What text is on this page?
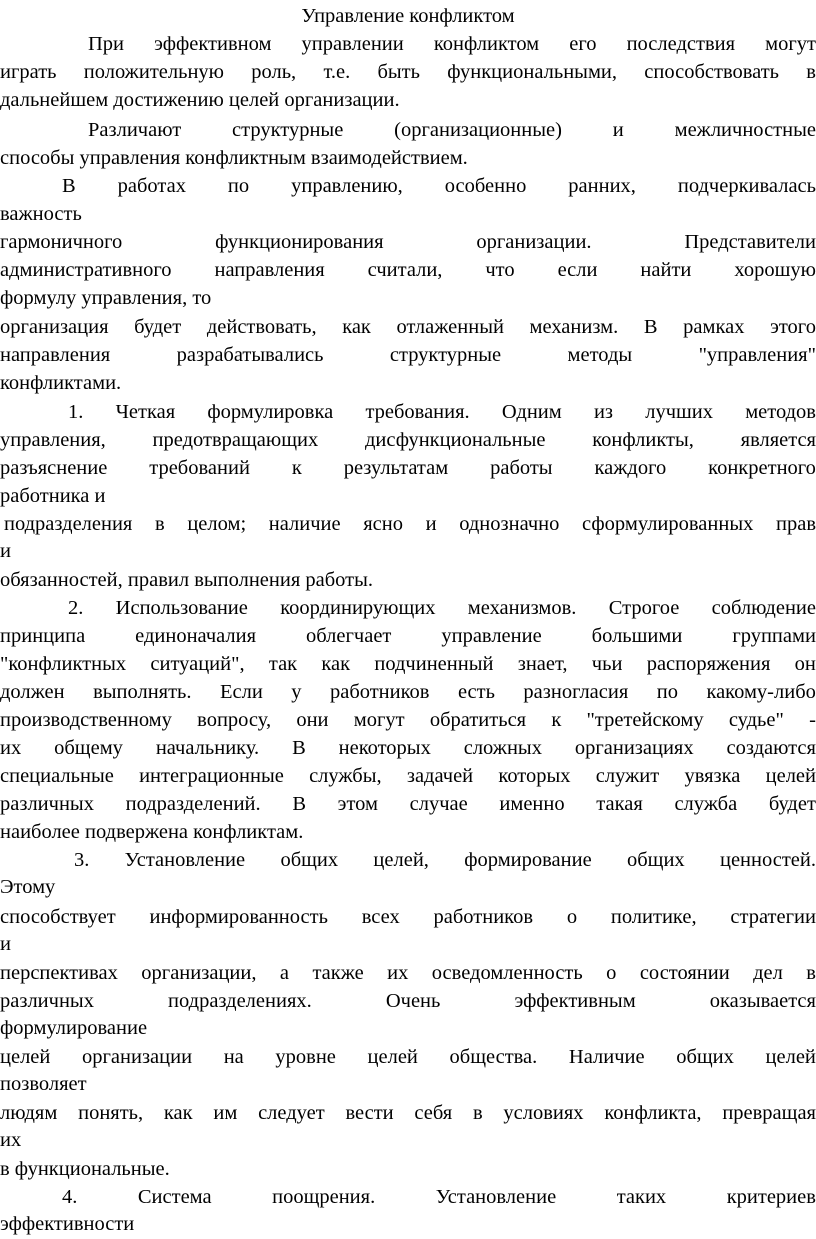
Управление конфликтом
При эффективном управлении конфликтом его последствия могут
играть положительную роль, т.е. быть функциональными, способствовать в
дальнейшем достижению целей организации.
Различают структурные (организационные) и межличностные
способы управления конфликтным взаимодействием.
В работах по управлению, особенно ранних, подчеркивалась
важность
гармоничного	функционирования	организации.	Представители
административного направления считали, что если найти хорошую
формулу управления, то
организация будет действовать, как отлаженный механизм. В рамках этого
направления	разрабатывались	структурные	методы	"управления"
конфликтами.
1. Четкая формулировка требования. Одним из лучших методов
управления, предотвращающих дисфункциональные конфликты, является
разъяснение требований к результатам работы каждого конкретного
работника и
подразделения в целом; наличие ясно и однозначно сформулированных прав
и
обязанностей, правил выполнения работы.
2. Использование координирующих механизмов. Строгое соблюдение
принципа единоначалия облегчает управление большими группами
"конфликтных ситуаций", так как подчиненный знает, чьи распоряжения он
должен выполнять. Если у работников есть разногласия по какому-либо
производственному вопросу, они могут обратиться к "третейскому судье" -
их общему начальнику. В некоторых сложных организациях создаются
специальные интеграционные службы, задачей которых служит увязка целей
различных подразделений. В этом случае именно такая служба будет
наиболее подвержена конфликтам.
3. Установление общих целей, формирование общих ценностей.
Этому
способствует информированность всех работников о политике, стратегии
и
перспективах организации, а также их осведомленность о состоянии дел в
различных	подразделениях.	Очень	эффективным	оказывается
формулирование
целей организации на уровне целей общества. Наличие общих целей
позволяет
людям понять, как им следует вести себя в условиях конфликта, превращая
их
в функциональные.
4.	Система	поощрения.	Установление	таких	критериев
эффективности
